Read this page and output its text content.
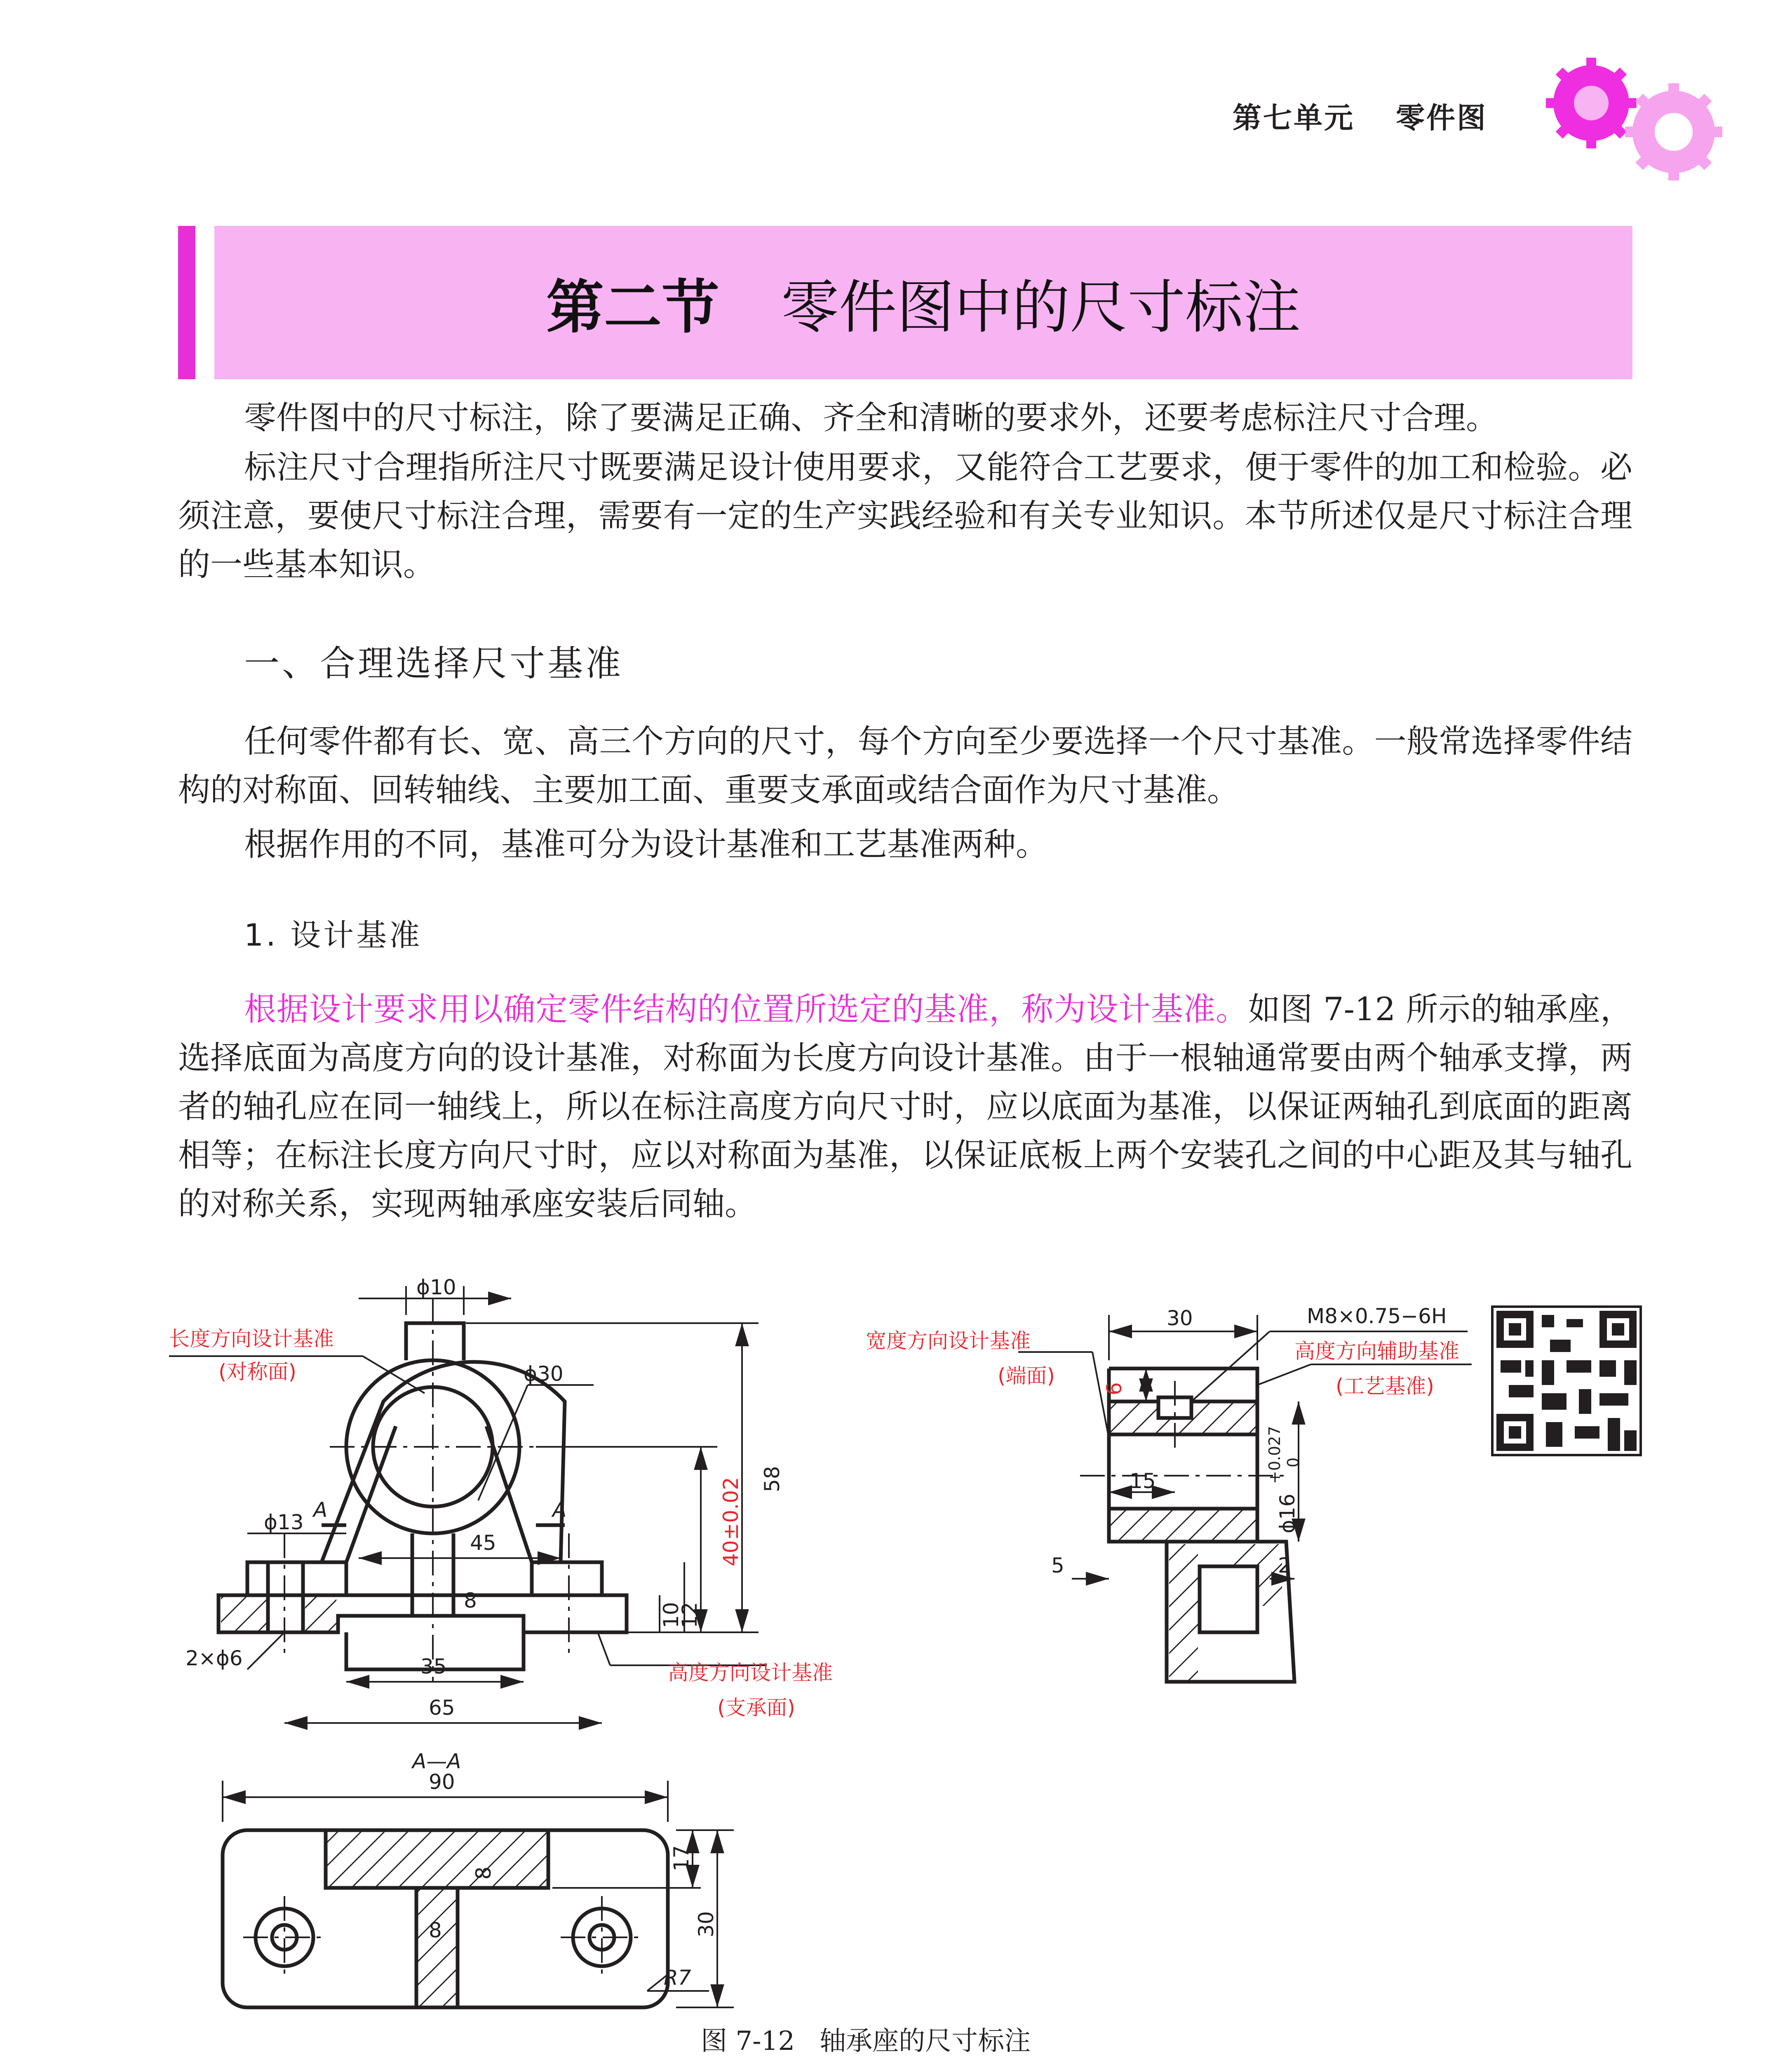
第七单元 零件图
第二节 零件图中的尺寸标注
零件图中的尺寸标注，除了要满足正确、齐全和清晰的要求外，还要考虑标注尺寸合理。
标注尺寸合理指所注尺寸既要满足设计使用要求，又能符合工艺要求，便于零件的加工和检验。必须注意，要使尺寸标注合理，需要有一定的生产实践经验和有关专业知识。本节所述仅是尺寸标注合理的一些基本知识。
一、合理选择尺寸基准
任何零件都有长、宽、高三个方向的尺寸，每个方向至少要选择一个尺寸基准。一般常选择零件结构的对称面、回转轴线、主要加工面、重要支承面或结合面作为尺寸基准。
根据作用的不同，基准可分为设计基准和工艺基准两种。
1. 设计基准
根据设计要求用以确定零件结构的位置所选定的基准，称为设计基准。如图 7-12 所示的轴承座，选择底面为高度方向的设计基准，对称面为长度方向设计基准。由于一根轴通常要由两个轴承支撑，两者的轴孔应在同一轴线上，所以在标注高度方向尺寸时，应以底面为基准，以保证两轴孔到底面的距离相等；在标注长度方向尺寸时，应以对称面为基准，以保证底板上两个安装孔之间的中心距及其与轴孔的对称关系，实现两轴承座安装后同轴。
ϕ10
ϕ30
ϕ13
2×ϕ6
45
35
65
8
10
12
40±0.02 58
A	A
长度方向设计基准
(对称面)
高度方向设计基准
(支承面)
30	M8×0.75−6H
6
15
ϕ16
+0.027 0
5	2
宽度方向设计基准
(端面)
高度方向辅助基准
(工艺基准)
A—A
90
8
8
17
30
R7
图 7-12 轴承座的尺寸标注
